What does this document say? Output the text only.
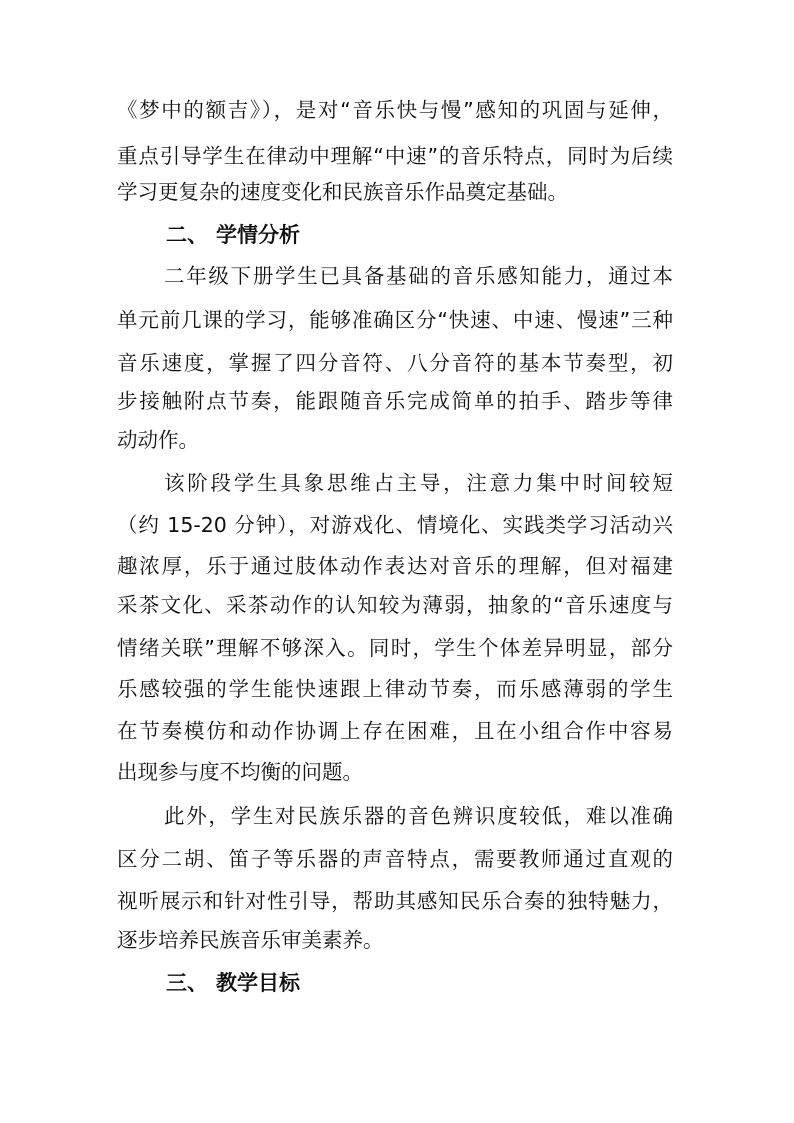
《梦中的额吉》），是对“音乐快与慢”感知的巩固与延伸，
重点引导学生在律动中理解“中速”的音乐特点，同时为后续
学习更复杂的速度变化和民族音乐作品奠定基础。
二、 学情分析
二年级下册学生已具备基础的音乐感知能力，通过本
单元前几课的学习，能够准确区分“快速、中速、慢速”三种
音乐速度，掌握了四分音符、八分音符的基本节奏型，初
步接触附点节奏，能跟随音乐完成简单的拍手、踏步等律
动动作。
该阶段学生具象思维占主导，注意力集中时间较短
（约 15-20 分钟），对游戏化、情境化、实践类学习活动兴
趣浓厚，乐于通过肢体动作表达对音乐的理解，但对福建
采茶文化、采茶动作的认知较为薄弱，抽象的“音乐速度与
情绪关联”理解不够深入。同时，学生个体差异明显，部分
乐感较强的学生能快速跟上律动节奏，而乐感薄弱的学生
在节奏模仿和动作协调上存在困难，且在小组合作中容易
出现参与度不均衡的问题。
此外，学生对民族乐器的音色辨识度较低，难以准确
区分二胡、笛子等乐器的声音特点，需要教师通过直观的
视听展示和针对性引导，帮助其感知民乐合奏的独特魅力，
逐步培养民族音乐审美素养。
三、 教学目标
